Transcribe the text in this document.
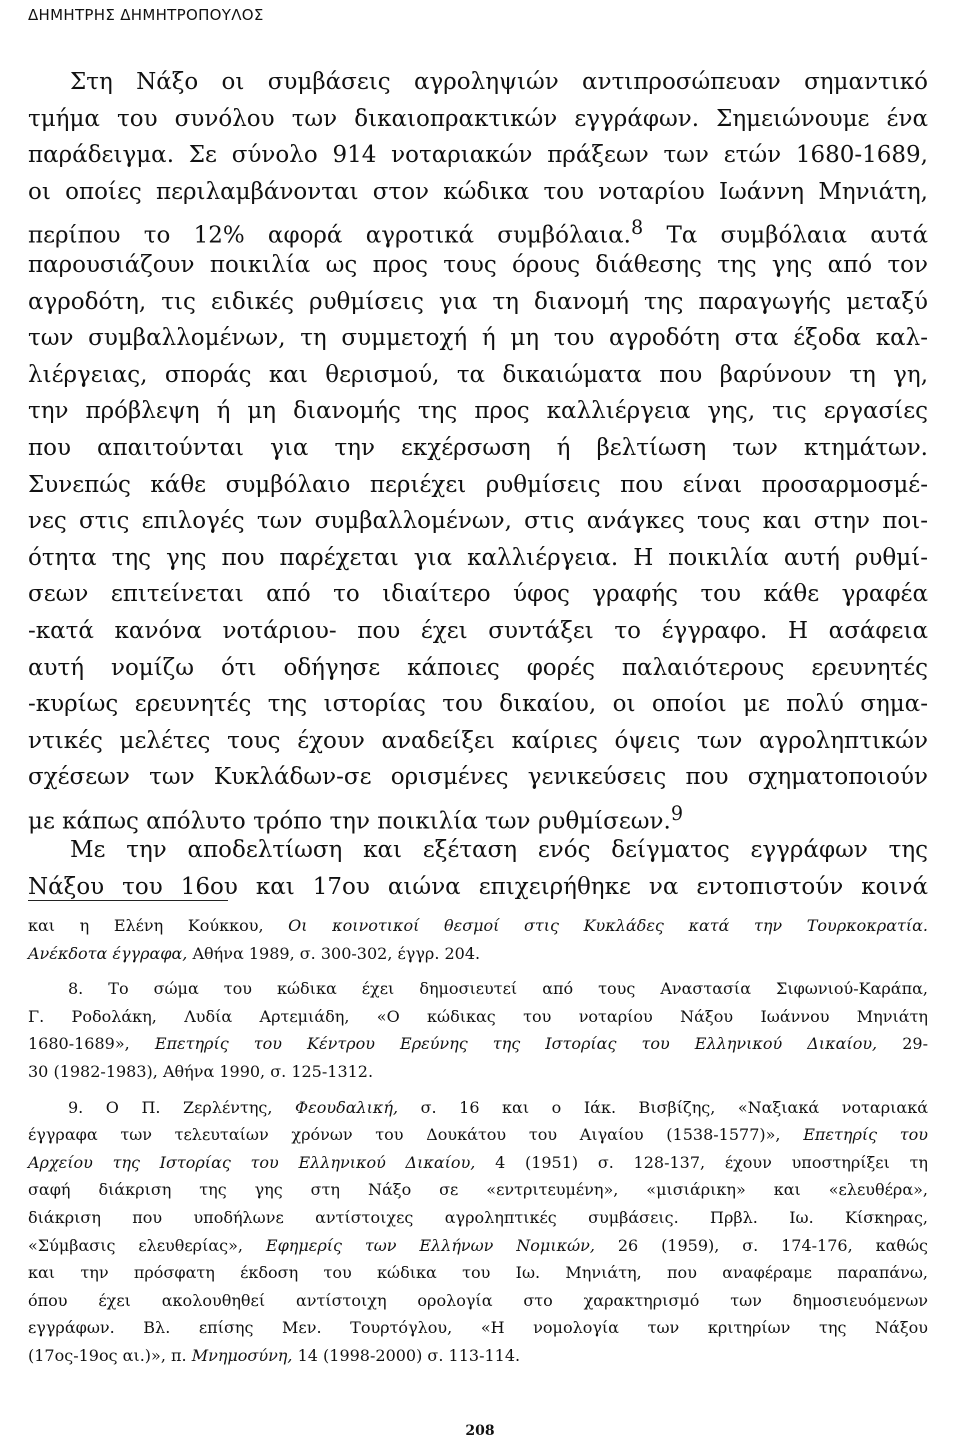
ΔΗΜΗΤΡΗΣ ΔΗΜΗΤΡΟΠΟΥΛΟΣ
Στη Νάξο οι συμβάσεις αγροληψιών αντιπροσώπευαν σημαντικό
τμήμα του συνόλου των δικαιοπρακτικών εγγράφων. Σημειώνουμε ένα
παράδειγμα. Σε σύνολο 914 νοταριακών πράξεων των ετών 1680-1689,
οι οποίες περιλαμβάνονται στον κώδικα του νοταρίου Ιωάννη Μηνιάτη,
περίπου το 12% αφορά αγροτικά συμβόλαια.$^8$ Τα συμβόλαια αυτά
παρουσιάζουν ποικιλία ως προς τους όρους διάθεσης της γης από τον
αγροδότη, τις ειδικές ρυθμίσεις για τη διανομή της παραγωγής μεταξύ
των συμβαλλομένων, τη συμμετοχή ή μη του αγροδότη στα έξοδα καλ-
λιέργειας, σποράς και θερισμού, τα δικαιώματα που βαρύνουν τη γη,
την πρόβλεψη ή μη διανομής της προς καλλιέργεια γης, τις εργασίες
που απαιτούνται για την εκχέρσωση ή βελτίωση των κτημάτων.
Συνεπώς κάθε συμβόλαιο περιέχει ρυθμίσεις που είναι προσαρμοσμέ-
νες στις επιλογές των συμβαλλομένων, στις ανάγκες τους και στην ποι-
ότητα της γης που παρέχεται για καλλιέργεια. Η ποικιλία αυτή ρυθμί-
σεων επιτείνεται από το ιδιαίτερο ύφος γραφής του κάθε γραφέα
-κατά κανόνα νοτάριου- που έχει συντάξει το έγγραφο. Η ασάφεια
αυτή νομίζω ότι οδήγησε κάποιες φορές παλαιότερους ερευνητές
-κυρίως ερευνητές της ιστορίας του δικαίου, οι οποίοι με πολύ σημα-
ντικές μελέτες τους έχουν αναδείξει καίριες όψεις των αγροληπτικών
σχέσεων των Κυκλάδων-σε ορισμένες γενικεύσεις που σχηματοποιούν
με κάπως απόλυτο τρόπο την ποικιλία των ρυθμίσεων.$^9$
Με την αποδελτίωση και εξέταση ενός δείγματος εγγράφων της
Νάξου του 16ου και 17ου αιώνα επιχειρήθηκε να εντοπιστούν κοινά
και η Ελένη Κούκκου, Οι κοινοτικοί θεσμοί στις Κυκλάδες κατά την Τουρκοκρατία.
Ανέκδοτα έγγραφα, Αθήνα 1989, σ. 300-302, έγγρ. 204.
8. Το σώμα του κώδικα έχει δημοσιευτεί από τους Αναστασία Σιφωνιού-Καράπα,
Γ. Ροδολάκη, Λυδία Αρτεμιάδη, «Ο κώδικας του νοταρίου Νάξου Ιωάννου Μηνιάτη
1680-1689», Επετηρίς του Κέντρου Ερεύνης της Ιστορίας του Ελληνικού Δικαίου, 29-
30 (1982-1983), Αθήνα 1990, σ. 125-1312.
9. Ο Π. Ζερλέντης, Φεουδαλική, σ. 16 και ο Ιάκ. Βισβίζης, «Ναξιακά νοταριακά
έγγραφα των τελευταίων χρόνων του Δουκάτου του Αιγαίου (1538-1577)», Επετηρίς του
Αρχείου της Ιστορίας του Ελληνικού Δικαίου, 4 (1951) σ. 128-137, έχουν υποστηρίξει τη
σαφή διάκριση της γης στη Νάξο σε «εντριτευμένη», «μισιάρικη» και «ελευθέρα»,
διάκριση που υποδήλωνε αντίστοιχες αγροληπτικές συμβάσεις. Πρβλ. Ιω. Κίσκηρας,
«Σύμβασις ελευθερίας», Εφημερίς των Ελλήνων Νομικών, 26 (1959), σ. 174-176, καθώς
και την πρόσφατη έκδοση του κώδικα του Ιω. Μηνιάτη, που αναφέραμε παραπάνω,
όπου έχει ακολουθηθεί αντίστοιχη ορολογία στο χαρακτηρισμό των δημοσιευόμενων
εγγράφων. Βλ. επίσης Μεν. Τουρτόγλου, «Η νομολογία των κριτηρίων της Νάξου
(17ος-19ος αι.)», π. Μνημοσύνη, 14 (1998-2000) σ. 113-114.
208
